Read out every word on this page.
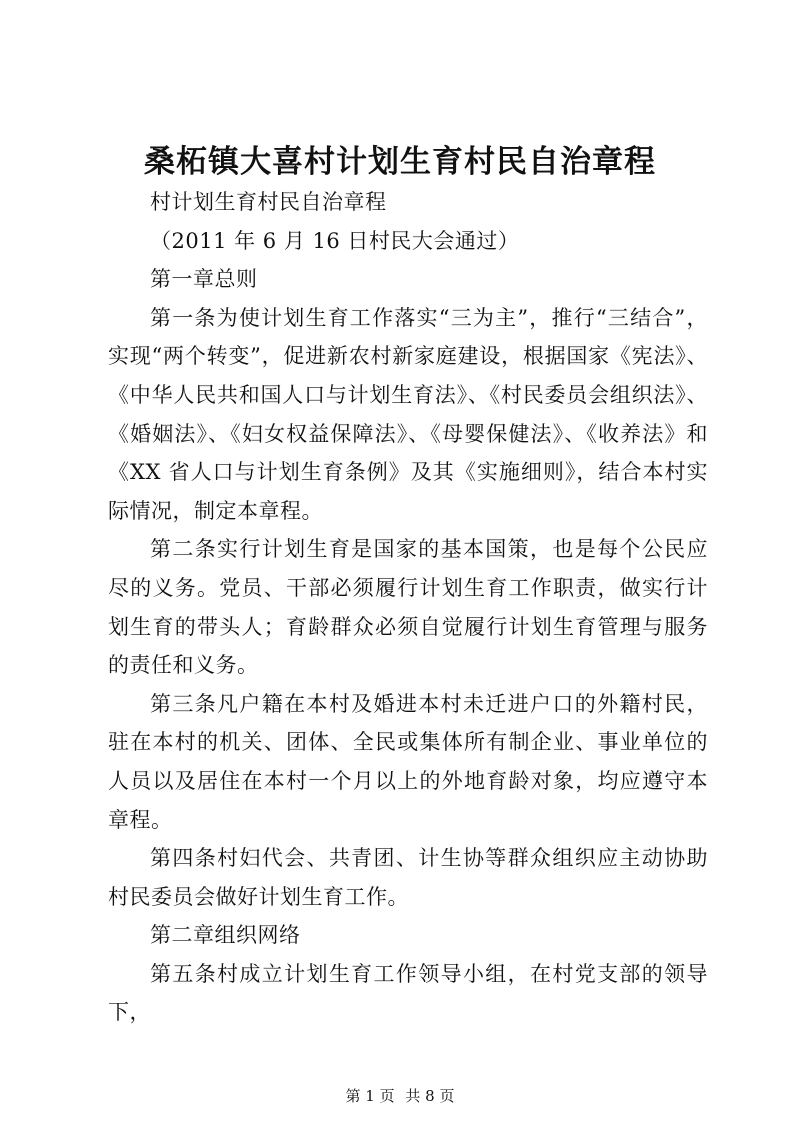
桑柘镇大喜村计划生育村民自治章程

村计划生育村民自治章程

（2011 年 6 月 16 日村民大会通过）

第一章总则

第一条为使计划生育工作落实“三为主”，推行“三结合”，实现“两个转变”，促进新农村新家庭建设，根据国家《宪法》、《中华人民共和国人口与计划生育法》、《村民委员会组织法》、《婚姻法》、《妇女权益保障法》、《母婴保健法》、《收养法》和《XX 省人口与计划生育条例》及其《实施细则》，结合本村实际情况，制定本章程。

第二条实行计划生育是国家的基本国策，也是每个公民应尽的义务。党员、干部必须履行计划生育工作职责，做实行计划生育的带头人；育龄群众必须自觉履行计划生育管理与服务的责任和义务。

第三条凡户籍在本村及婚进本村未迁进户口的外籍村民，驻在本村的机关、团体、全民或集体所有制企业、事业单位的人员以及居住在本村一个月以上的外地育龄对象，均应遵守本章程。

第四条村妇代会、共青团、计生协等群众组织应主动协助村民委员会做好计划生育工作。

第二章组织网络

第五条村成立计划生育工作领导小组，在村党支部的领导下，

第 1 页 共 8 页
